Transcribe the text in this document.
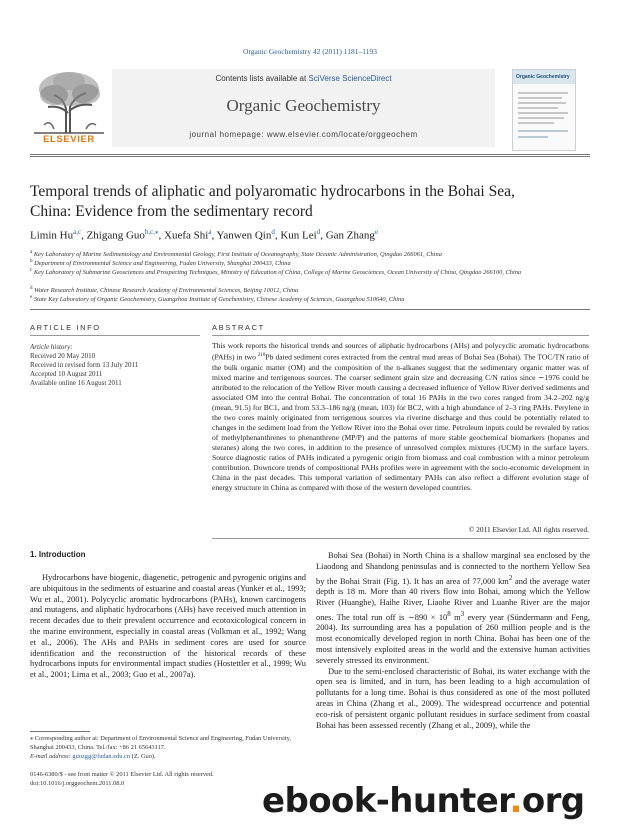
Organic Geochemistry 42 (2011) 1181–1193
ELSEVIER
Contents lists available at SciVerse ScienceDirect
Organic Geochemistry
journal homepage: www.elsevier.com/locate/orggeochem
Organic Geochemistry
Temporal trends of aliphatic and polyaromatic hydrocarbons in the Bohai Sea,
China: Evidence from the sedimentary record
Limin Hu$^{a,c}$, Zhigang Guo$^{b,c,⁎}$, Xuefa Shi$^a$, Yanwen Qin$^d$, Kun Lei$^d$, Gan Zhang$^e$
$^a$ Key Laboratory of Marine Sedimentology and Environmental Geology, First Institute of Oceanography, State Oceanic Administration, Qingdao 266061, China
$^b$ Department of Environmental Science and Engineering, Fudan University, Shanghai 200433, China
$^c$ Key Laboratory of Submarine Geosciences and Prospecting Techniques, Ministry of Education of China, College of Marine Geosciences, Ocean University of China, Qingdao 266100, China
$^d$ Water Research Institute, Chinese Research Academy of Environmental Sciences, Beijing 10012, China
$^e$ State Key Laboratory of Organic Geochemistry, Guangzhou Institute of Geochemistry, Chinese Academy of Sciences, Guangzhou 510640, China
ARTICLE INFO	ABSTRACT
Article history:
Received 20 May 2010
Received in revised form 13 July 2011
Accepted 10 August 2011
Available online 16 August 2011
This work reports the historical trends and sources of aliphatic hydrocarbons (AHs) and polycyclic aromatic hydrocarbons (PAHs) in two $^{210}$Pb dated sediment cores extracted from the central mud areas of Bohai Sea (Bohai). The TOC/TN ratio of the bulk organic matter (OM) and the composition of the n-alkanes suggest that the sedimentary organic matter was of mixed marine and terrigenous sources. The coarser sediment grain size and decreasing C/N ratios since ∼1976 could be attributed to the relocation of the Yellow River mouth causing a decreased influence of Yellow River derived sediments and associated OM into the central Bohai. The concentration of total 16 PAHs in the two cores ranged from 34.2–202 ng/g (mean, 91.5) for BC1, and from 53.3–186 ng/g (mean, 103) for BC2, with a high abundance of 2–3 ring PAHs. Perylene in the two cores mainly originated from terrigenous sources via riverine discharge and thus could be potentially related to changes in the sediment load from the Yellow River into the Bohai over time. Petroleum inputs could be revealed by ratios of methylphenanthrenes to phenanthrene (MP/P) and the patterns of more stable geochemical biomarkers (hopanes and steranes) along the two cores, in addition to the presence of unresolved complex mixtures (UCM) in the surface layers. Source diagnostic ratios of PAHs indicated a pyrogenic origin from biomass and coal combustion with a minor petroleum contribution. Downcore trends of compositional PAHs profiles were in agreement with the socio-economic development in China in the past decades. This temporal variation of sedimentary PAHs can also reflect a different evolution stage of energy structure in China as compared with those of the western developed countries.
© 2011 Elsevier Ltd. All rights reserved.
1. Introduction

Hydrocarbons have biogenic, diagenetic, petrogenic and pyrogenic origins and are ubiquitous in the sediments of estuarine and coastal areas (Yunker et al., 1993; Wu et al., 2001). Polycyclic aromatic hydrocarbons (PAHs), known carcinogens and mutagens, and aliphatic hydrocarbons (AHs) have received much attention in recent decades due to their prevalent occurrence and ecotoxicological concern in the marine environment, especially in coastal areas (Volkman et al., 1992; Wang et al., 2006). The AHs and PAHs in sediment cores are used for source identification and the reconstruction of the historical records of these hydrocarbons inputs for environmental impact studies (Hostettler et al., 1999; Wu et al., 2001; Lima et al., 2003; Guo et al., 2007a).

Bohai Sea (Bohai) in North China is a shallow marginal sea enclosed by the Liaodong and Shandong peninsulas and is connected to the northern Yellow Sea by the Bohai Strait (Fig. 1). It has an area of 77,000 $km^2$ and the average water depth is 18 m. More than 40 rivers flow into Bohai, among which the Yellow River (Huanghe), Haihe River, Liaohe River and Luanhe River are the major ones. The total run off is ∼890 × $10^8$ $m^3$ every year (Sündermann and Feng, 2004). Its surrounding area has a population of 260 million people and is the most economically developed region in north China. Bohai has been one of the most intensively exploited areas in the world and the extensive human activities severely stressed its environment.

Due to the semi-enclosed characteristic of Bohai, its water exchange with the open sea is limited, and in turn, has been leading to a high accumulation of pollutants for a long time. Bohai is thus considered as one of the most polluted areas in China (Zhang et al., 2009). The widespread occurrence and potential eco-risk of persistent organic pollutant residues in surface sediment from coastal Bohai has been assessed recently (Zhang et al., 2009), while the

⁎ Corresponding author at: Department of Environmental Science and Engineering, Fudan University, Shanghai 200433, China. Tel./fax: +86 21 65643117.
E-mail address: guozgg@fudan.edu.cn (Z. Guo).
0146-6380/$ - see front matter © 2011 Elsevier Ltd. All rights reserved.
doi:10.1016/j.orggeochem.2011.08.0	ebook-hunter.org
